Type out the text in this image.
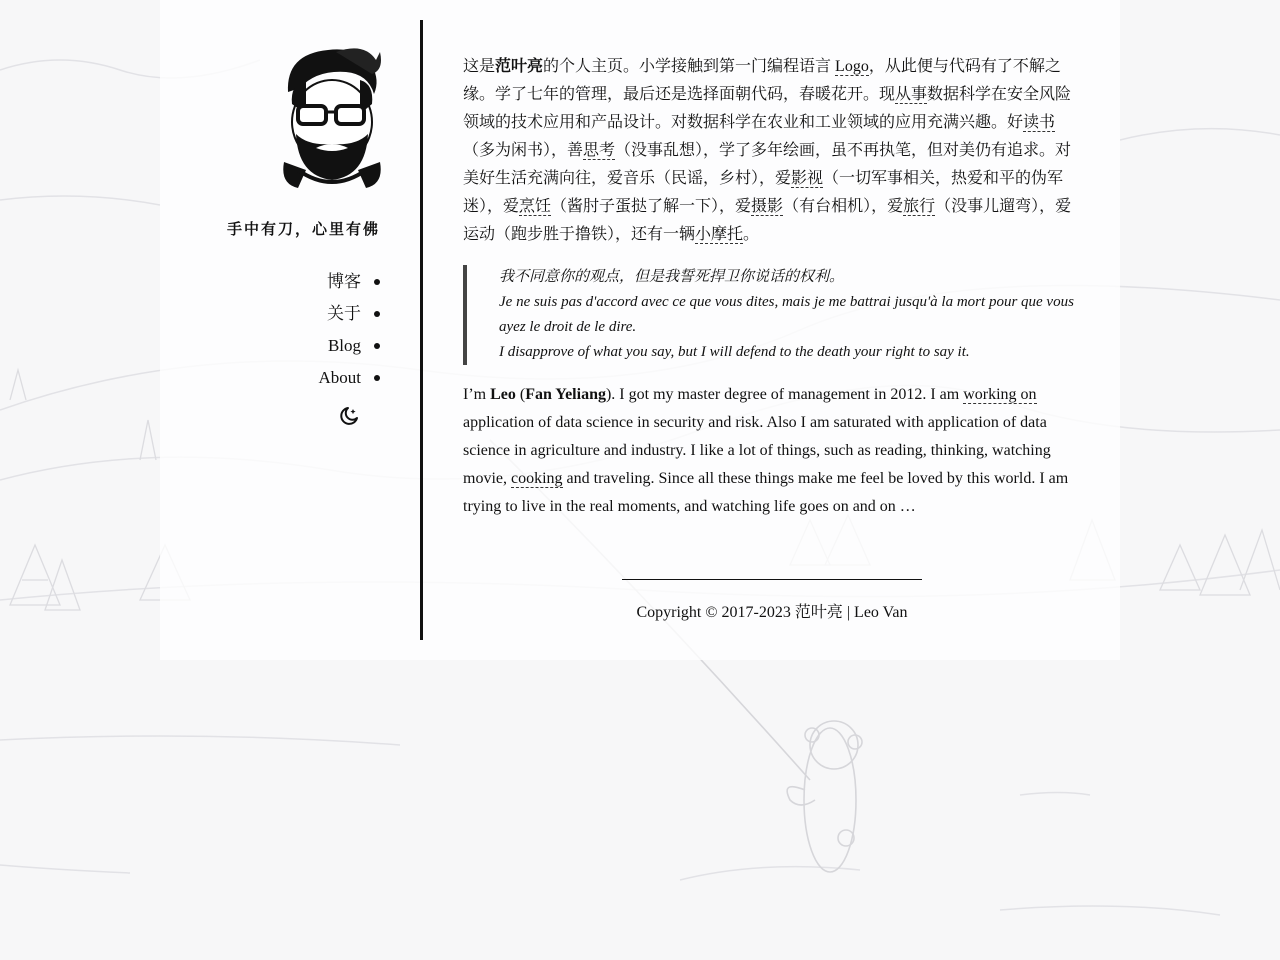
手中有刀，心里有佛

博客
关于
Blog
About

这是范叶亮的个人主页。小学接触到第一门编程语言 Logo，从此便与代码有了不解之缘。学了七年的管理，最后还是选择面朝代码，春暖花开。现从事数据科学在安全风险领域的技术应用和产品设计。对数据科学在农业和工业领域的应用充满兴趣。好读书（多为闲书），善思考（没事乱想），学了多年绘画，虽不再执笔，但对美仍有追求。对美好生活充满向往，爱音乐（民谣，乡村），爱影视（一切军事相关，热爱和平的伪军迷），爱烹饪（酱肘子蛋挞了解一下），爱摄影（有台相机），爱旅行（没事儿遛弯），爱运动（跑步胜于撸铁），还有一辆小摩托。

我不同意你的观点，但是我誓死捍卫你说话的权利。
Je ne suis pas d'accord avec ce que vous dites, mais je me battrai jusqu'à la mort pour que vous ayez le droit de le dire.
I disapprove of what you say, but I will defend to the death your right to say it.

I’m Leo (Fan Yeliang). I got my master degree of management in 2012. I am working on application of data science in security and risk. Also I am saturated with application of data science in agriculture and industry. I like a lot of things, such as reading, thinking, watching movie, cooking and traveling. Since all these things make me feel be loved by this world. I am trying to live in the real moments, and watching life goes on and on …

Copyright © 2017-2023 范叶亮 | Leo Van
